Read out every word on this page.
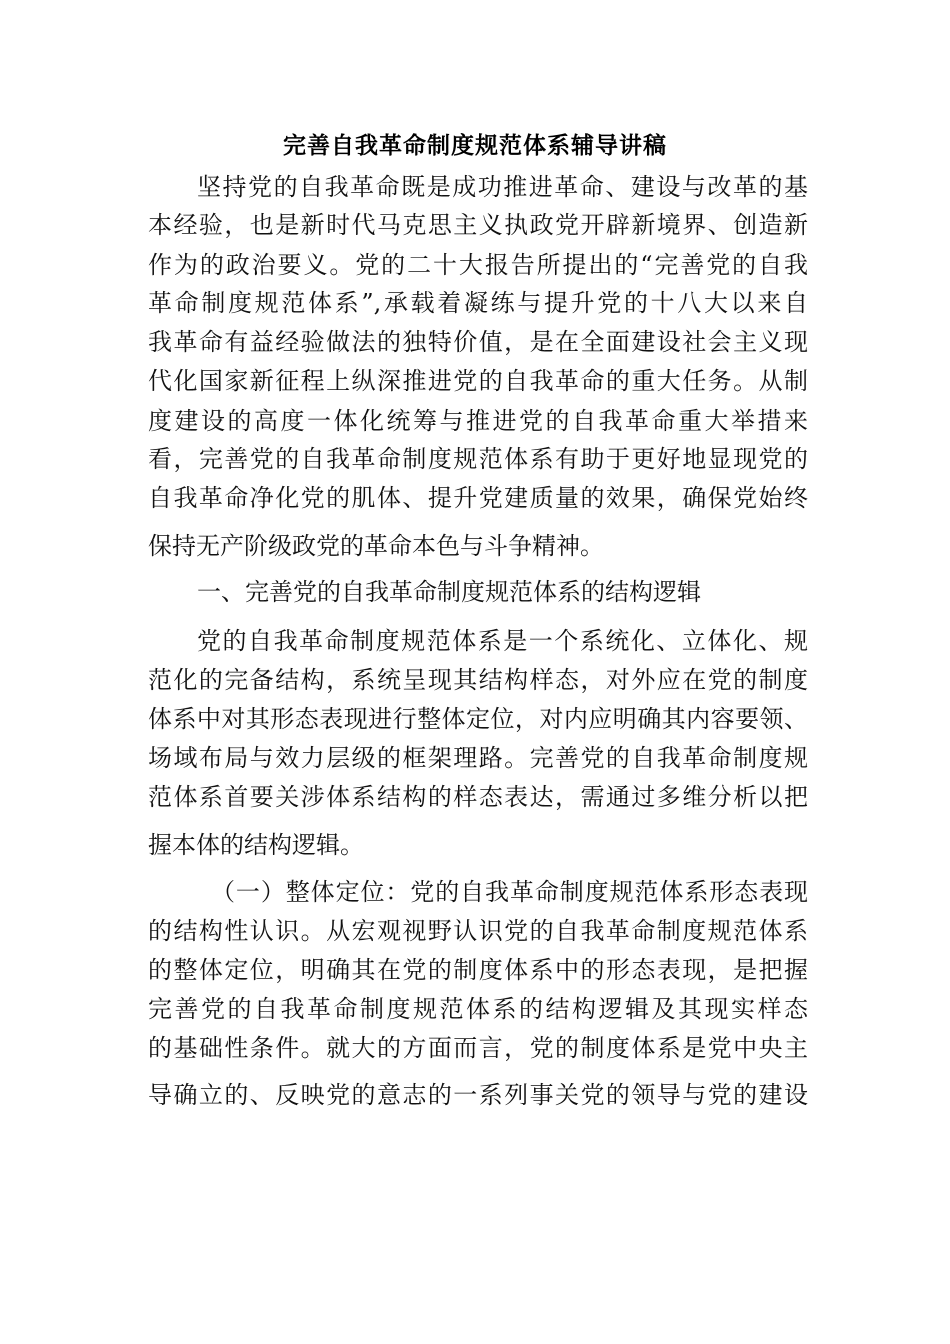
完善自我革命制度规范体系辅导讲稿

坚持党的自我革命既是成功推进革命、建设与改革的基

本经验，也是新时代马克思主义执政党开辟新境界、创造新

作为的政治要义。党的二十大报告所提出的“完善党的自我

革命制度规范体系”,承载着凝练与提升党的十八大以来自

我革命有益经验做法的独特价值，是在全面建设社会主义现

代化国家新征程上纵深推进党的自我革命的重大任务。从制

度建设的高度一体化统筹与推进党的自我革命重大举措来

看，完善党的自我革命制度规范体系有助于更好地显现党的

自我革命净化党的肌体、提升党建质量的效果，确保党始终

保持无产阶级政党的革命本色与斗争精神。

一、完善党的自我革命制度规范体系的结构逻辑

党的自我革命制度规范体系是一个系统化、立体化、规

范化的完备结构，系统呈现其结构样态，对外应在党的制度

体系中对其形态表现进行整体定位，对内应明确其内容要领、

场域布局与效力层级的框架理路。完善党的自我革命制度规

范体系首要关涉体系结构的样态表达，需通过多维分析以把

握本体的结构逻辑。

（一）整体定位：党的自我革命制度规范体系形态表现

的结构性认识。从宏观视野认识党的自我革命制度规范体系

的整体定位，明确其在党的制度体系中的形态表现，是把握

完善党的自我革命制度规范体系的结构逻辑及其现实样态

的基础性条件。就大的方面而言，党的制度体系是党中央主

导确立的、反映党的意志的一系列事关党的领导与党的建设
